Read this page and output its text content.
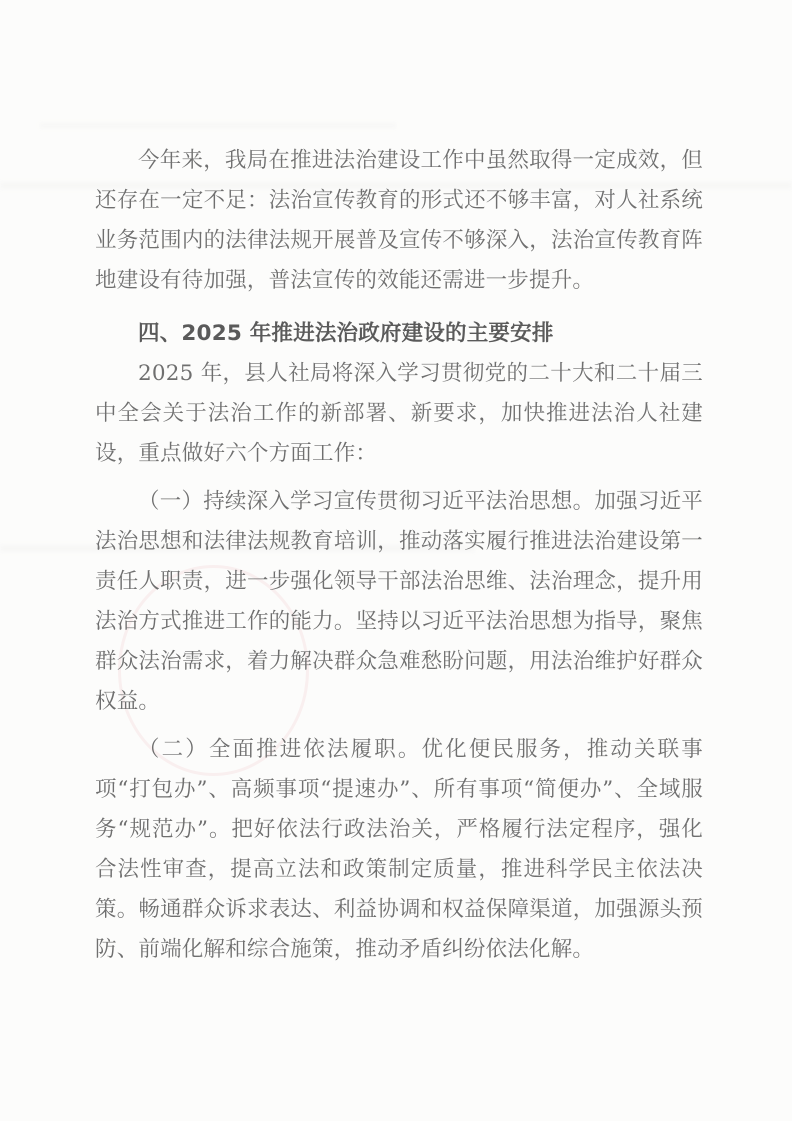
今年来，我局在推进法治建设工作中虽然取得一定成效，但还存在一定不足：法治宣传教育的形式还不够丰富，对人社系统业务范围内的法律法规开展普及宣传不够深入，法治宣传教育阵地建设有待加强，普法宣传的效能还需进一步提升。

四、2025 年推进法治政府建设的主要安排

2025 年，县人社局将深入学习贯彻党的二十大和二十届三中全会关于法治工作的新部署、新要求，加快推进法治人社建设，重点做好六个方面工作：

（一）持续深入学习宣传贯彻习近平法治思想。加强习近平法治思想和法律法规教育培训，推动落实履行推进法治建设第一责任人职责，进一步强化领导干部法治思维、法治理念，提升用法治方式推进工作的能力。坚持以习近平法治思想为指导，聚焦群众法治需求，着力解决群众急难愁盼问题，用法治维护好群众权益。

（二）全面推进依法履职。优化便民服务，推动关联事项“打包办”、高频事项“提速办”、所有事项“简便办”、全域服务“规范办”。把好依法行政法治关，严格履行法定程序，强化合法性审查，提高立法和政策制定质量，推进科学民主依法决策。畅通群众诉求表达、利益协调和权益保障渠道，加强源头预防、前端化解和综合施策，推动矛盾纠纷依法化解。
